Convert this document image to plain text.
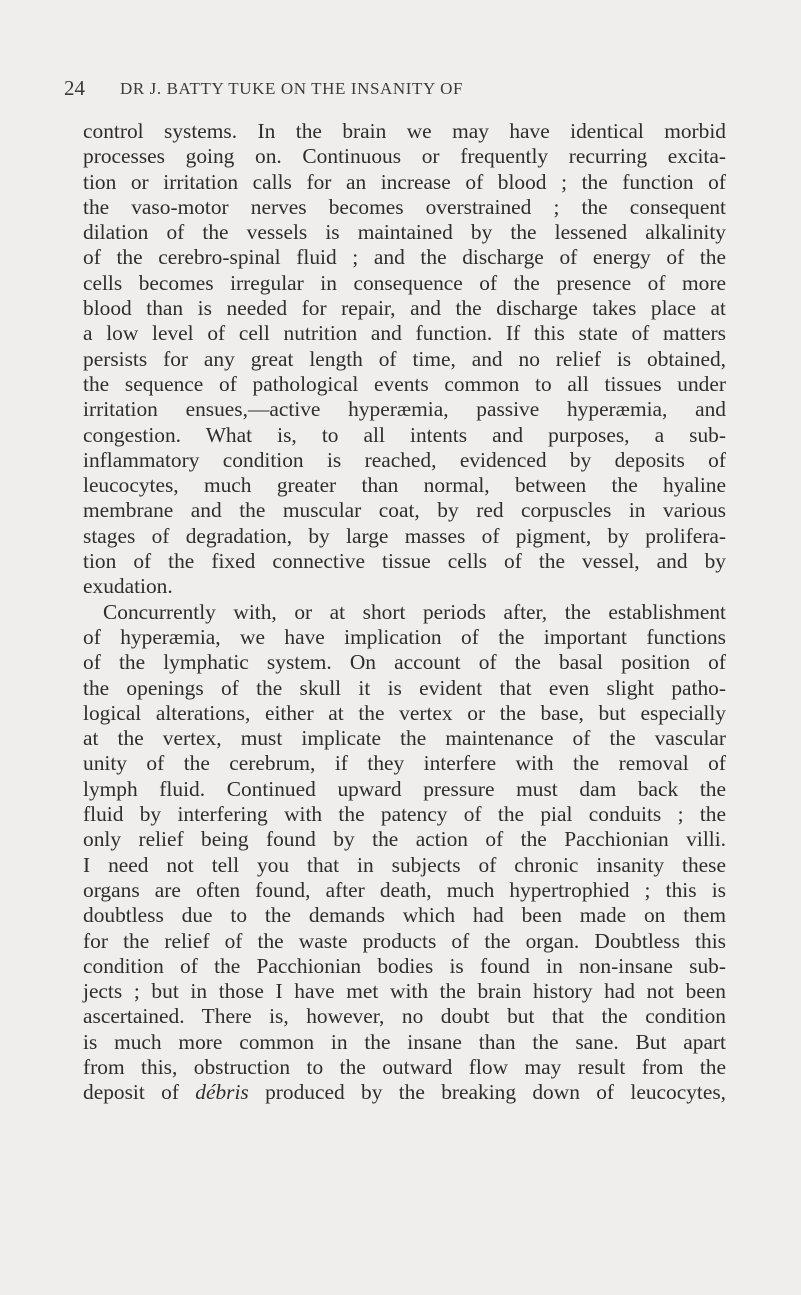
24 DR J. BATTY TUKE ON THE INSANITY OF
control systems. In the brain we may have identical morbid
processes going on. Continuous or frequently recurring excita-
tion or irritation calls for an increase of blood ; the function of
the vaso-motor nerves becomes overstrained ; the consequent
dilation of the vessels is maintained by the lessened alkalinity
of the cerebro-spinal fluid ; and the discharge of energy of the
cells becomes irregular in consequence of the presence of more
blood than is needed for repair, and the discharge takes place at
a low level of cell nutrition and function. If this state of matters
persists for any great length of time, and no relief is obtained,
the sequence of pathological events common to all tissues under
irritation ensues,—active hyperæmia, passive hyperæmia, and
congestion. What is, to all intents and purposes, a sub-
inflammatory condition is reached, evidenced by deposits of
leucocytes, much greater than normal, between the hyaline
membrane and the muscular coat, by red corpuscles in various
stages of degradation, by large masses of pigment, by prolifera-
tion of the fixed connective tissue cells of the vessel, and by
exudation.
Concurrently with, or at short periods after, the establishment
of hyperæmia, we have implication of the important functions
of the lymphatic system. On account of the basal position of
the openings of the skull it is evident that even slight patho-
logical alterations, either at the vertex or the base, but especially
at the vertex, must implicate the maintenance of the vascular
unity of the cerebrum, if they interfere with the removal of
lymph fluid. Continued upward pressure must dam back the
fluid by interfering with the patency of the pial conduits ; the
only relief being found by the action of the Pacchionian villi.
I need not tell you that in subjects of chronic insanity these
organs are often found, after death, much hypertrophied ; this is
doubtless due to the demands which had been made on them
for the relief of the waste products of the organ. Doubtless this
condition of the Pacchionian bodies is found in non-insane sub-
jects ; but in those I have met with the brain history had not been
ascertained. There is, however, no doubt but that the condition
is much more common in the insane than the sane. But apart
from this, obstruction to the outward flow may result from the
deposit of débris produced by the breaking down of leucocytes,
